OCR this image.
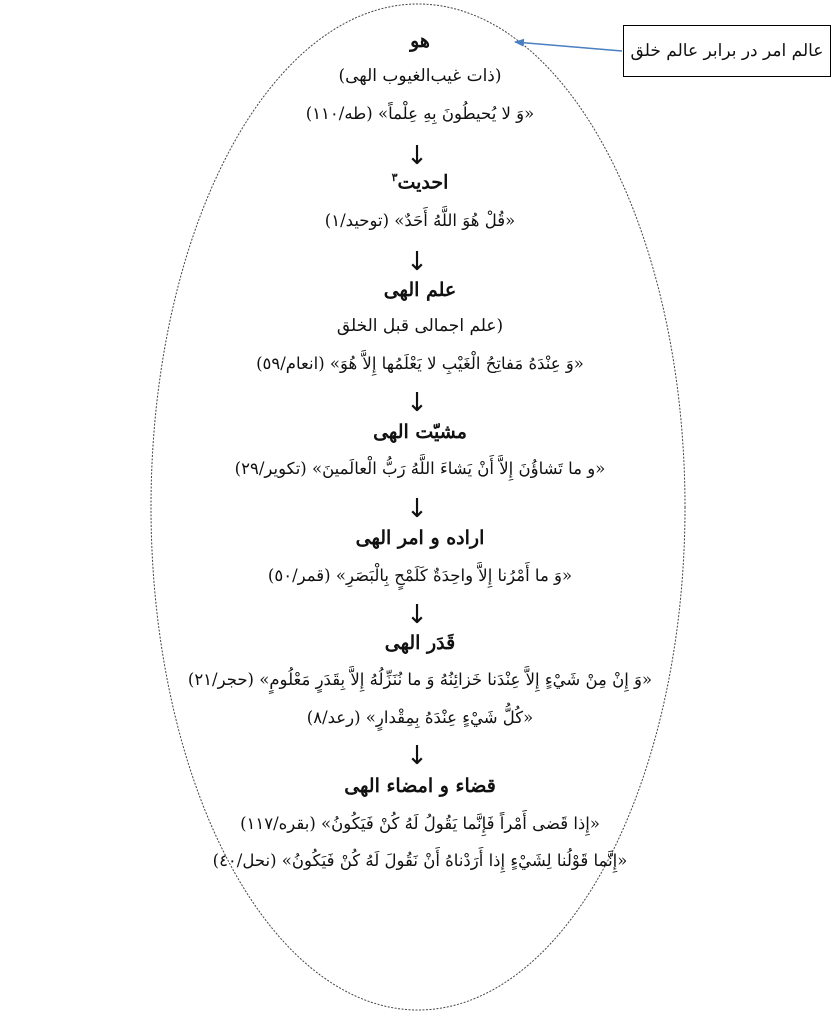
عالم امر در برابر عالم خلق
هو
(ذات غیب‌الغیوب الهی)
«وَ لا يُحيطُونَ بِهِ عِلْماً» (طه/١١٠)
↓
احدیت$^٣$
«قُلْ هُوَ اللَّهُ أَحَدٌ» (توحید/١)
↓
علم الهی
(علم اجمالی قبل الخلق
«وَ عِنْدَهُ مَفاتِحُ الْغَيْبِ لا يَعْلَمُها إِلاَّ هُوَ» (انعام/٥٩)
↓
مشیّت الهی
«و ما تَشاؤُنَ إِلاَّ أَنْ يَشاءَ اللَّهُ رَبُّ الْعالَمينَ» (تکویر/٢٩)
↓
اراده و امر الهی
«وَ ما أَمْرُنا إِلاَّ واحِدَةٌ كَلَمْحٍ بِالْبَصَرِ» (قمر/٥٠)
↓
قَدَر الهی
«وَ إِنْ مِنْ شَيْءٍ إِلاَّ عِنْدَنا خَزائِنُهُ وَ ما نُنَزِّلُهُ إِلاَّ بِقَدَرٍ مَعْلُومٍ» (حجر/٢١)
«كُلُّ شَيْءٍ عِنْدَهُ بِمِقْدارٍ» (رعد/٨)
↓
قضاء و امضاء الهی
«إِذا قَضى‏ أَمْراً فَإِنَّما يَقُولُ لَهُ كُنْ فَيَكُونُ» (بقره/١١٧)
«إِنَّما قَوْلُنا لِشَيْ‏ءٍ إِذا أَرَدْناهُ أَنْ نَقُولَ لَهُ كُنْ فَيَكُونُ» (نحل/٤٠)
